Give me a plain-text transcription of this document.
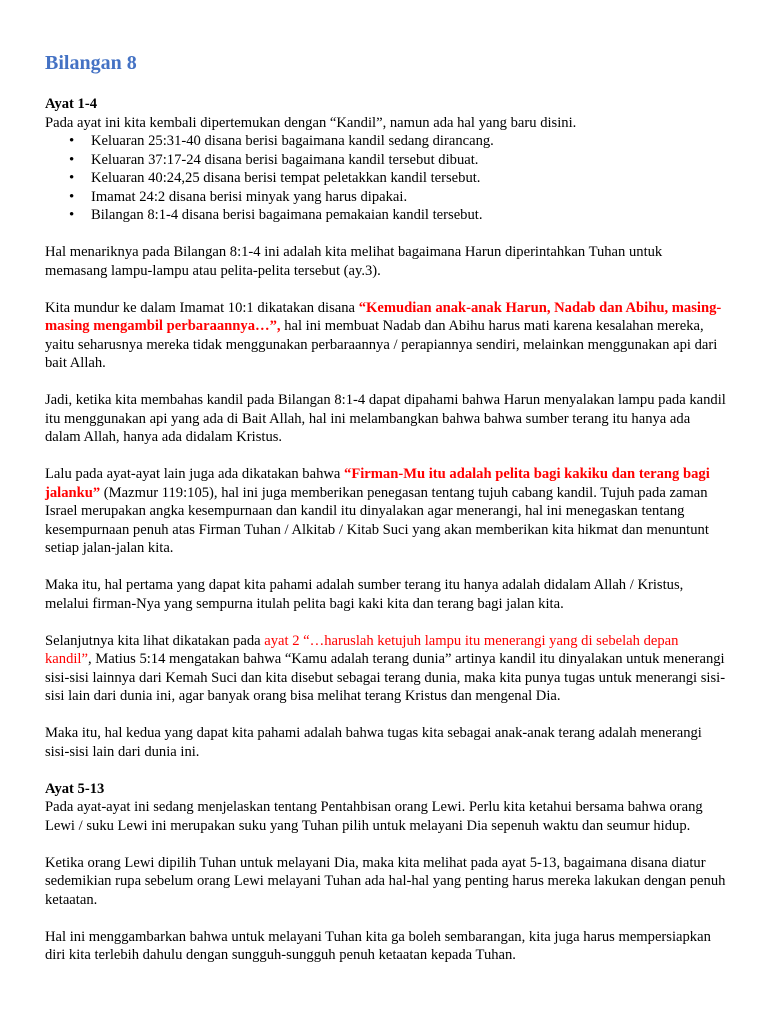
Bilangan 8
Ayat 1-4

Pada ayat ini kita kembali dipertemukan dengan “Kandil”, namun ada hal yang baru disini.

• Keluaran 25:31-40 disana berisi bagaimana kandil sedang dirancang.
• Keluaran 37:17-24 disana berisi bagaimana kandil tersebut dibuat.
• Keluaran 40:24,25 disana berisi tempat peletakkan kandil tersebut.
• Imamat 24:2 disana berisi minyak yang harus dipakai.
• Bilangan 8:1-4 disana berisi bagaimana pemakaian kandil tersebut.

Hal menariknya pada Bilangan 8:1-4 ini adalah kita melihat bagaimana Harun diperintahkan Tuhan untuk memasang lampu-lampu atau pelita-pelita tersebut (ay.3).

Kita mundur ke dalam Imamat 10:1 dikatakan disana “Kemudian anak-anak Harun, Nadab dan Abihu, masing-masing mengambil perbaraannya…”, hal ini membuat Nadab dan Abihu harus mati karena kesalahan mereka, yaitu seharusnya mereka tidak menggunakan perbaraannya / perapiannya sendiri, melainkan menggunakan api dari bait Allah.

Jadi, ketika kita membahas kandil pada Bilangan 8:1-4 dapat dipahami bahwa Harun menyalakan lampu pada kandil itu menggunakan api yang ada di Bait Allah, hal ini melambangkan bahwa bahwa sumber terang itu hanya ada dalam Allah, hanya ada didalam Kristus.

Lalu pada ayat-ayat lain juga ada dikatakan bahwa “Firman-Mu itu adalah pelita bagi kakiku dan terang bagi jalanku” (Mazmur 119:105), hal ini juga memberikan penegasan tentang tujuh cabang kandil. Tujuh pada zaman Israel merupakan angka kesempurnaan dan kandil itu dinyalakan agar menerangi, hal ini menegaskan tentang kesempurnaan penuh atas Firman Tuhan / Alkitab / Kitab Suci yang akan memberikan kita hikmat dan menuntunt setiap jalan-jalan kita.

Maka itu, hal pertama yang dapat kita pahami adalah sumber terang itu hanya adalah didalam Allah / Kristus, melalui firman-Nya yang sempurna itulah pelita bagi kaki kita dan terang bagi jalan kita.

Selanjutnya kita lihat dikatakan pada ayat 2 “…haruslah ketujuh lampu itu menerangi yang di sebelah depan kandil”, Matius 5:14 mengatakan bahwa “Kamu adalah terang dunia” artinya kandil itu dinyalakan untuk menerangi sisi-sisi lainnya dari Kemah Suci dan kita disebut sebagai terang dunia, maka kita punya tugas untuk menerangi sisi-sisi lain dari dunia ini, agar banyak orang bisa melihat terang Kristus dan mengenal Dia.

Maka itu, hal kedua yang dapat kita pahami adalah bahwa tugas kita sebagai anak-anak terang adalah menerangi sisi-sisi lain dari dunia ini.

Ayat 5-13

Pada ayat-ayat ini sedang menjelaskan tentang Pentahbisan orang Lewi. Perlu kita ketahui bersama bahwa orang Lewi / suku Lewi ini merupakan suku yang Tuhan pilih untuk melayani Dia sepenuh waktu dan seumur hidup.

Ketika orang Lewi dipilih Tuhan untuk melayani Dia, maka kita melihat pada ayat 5-13, bagaimana disana diatur sedemikian rupa sebelum orang Lewi melayani Tuhan ada hal-hal yang penting harus mereka lakukan dengan penuh ketaatan.

Hal ini menggambarkan bahwa untuk melayani Tuhan kita ga boleh sembarangan, kita juga harus mempersiapkan diri kita terlebih dahulu dengan sungguh-sungguh penuh ketaatan kepada Tuhan.
